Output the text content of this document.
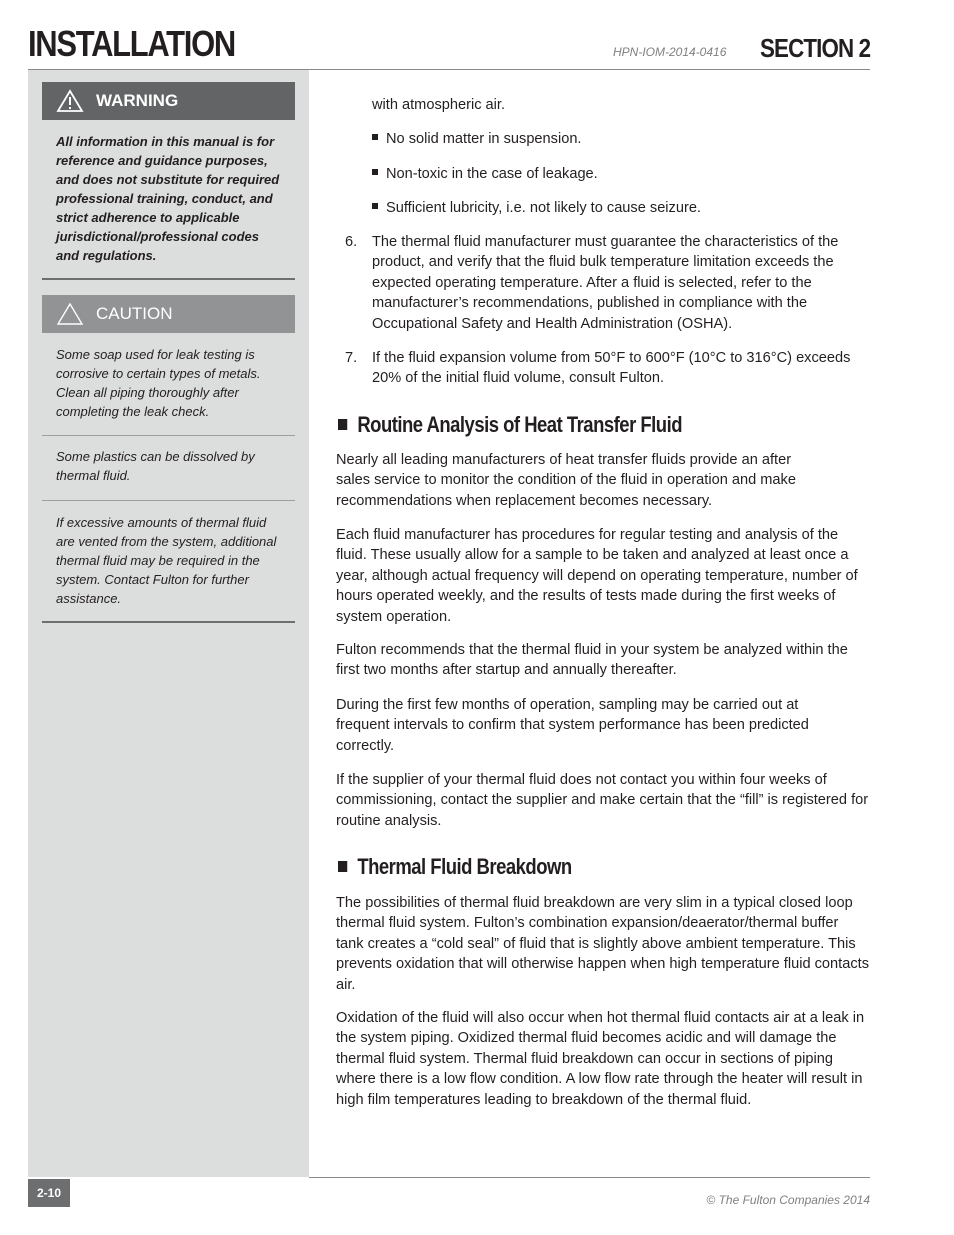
INSTALLATION	HPN-IOM-2014-0416 SECTION 2
WARNING

All information in this manual is for reference and guidance purposes, and does not substitute for required professional training, conduct, and strict adherence to applicable jurisdictional/professional codes and regulations.

CAUTION

Some soap used for leak testing is corrosive to certain types of metals. Clean all piping thoroughly after completing the leak check.

Some plastics can be dissolved by thermal fluid.

If excessive amounts of thermal fluid are vented from the system, additional thermal fluid may be required in the system. Contact Fulton for further assistance.

with atmospheric air.

No solid matter in suspension.

Non-toxic in the case of leakage.

Sufficient lubricity, i.e. not likely to cause seizure.

6. The thermal fluid manufacturer must guarantee the characteristics of the product, and verify that the fluid bulk temperature limitation exceeds the expected operating temperature. After a fluid is selected, refer to the manufacturer’s recommendations, published in compliance with the Occupational Safety and Health Administration (OSHA).

7. If the fluid expansion volume from 50°F to 600°F (10°C to 316°C) exceeds 20% of the initial fluid volume, consult Fulton.

Routine Analysis of Heat Transfer Fluid

Nearly all leading manufacturers of heat transfer fluids provide an after sales service to monitor the condition of the fluid in operation and make recommendations when replacement becomes necessary.

Each fluid manufacturer has procedures for regular testing and analysis of the fluid. These usually allow for a sample to be taken and analyzed at least once a year, although actual frequency will depend on operating temperature, number of hours operated weekly, and the results of tests made during the first weeks of system operation.

Fulton recommends that the thermal fluid in your system be analyzed within the first two months after startup and annually thereafter.

During the first few months of operation, sampling may be carried out at frequent intervals to confirm that system performance has been predicted correctly.

If the supplier of your thermal fluid does not contact you within four weeks of commissioning, contact the supplier and make certain that the “fill” is registered for routine analysis.

Thermal Fluid Breakdown

The possibilities of thermal fluid breakdown are very slim in a typical closed loop thermal fluid system. Fulton’s combination expansion/deaerator/thermal buffer tank creates a “cold seal” of fluid that is slightly above ambient temperature. This prevents oxidation that will otherwise happen when high temperature fluid contacts air.

Oxidation of the fluid will also occur when hot thermal fluid contacts air at a leak in the system piping. Oxidized thermal fluid becomes acidic and will damage the thermal fluid system. Thermal fluid breakdown can occur in sections of piping where there is a low flow condition. A low flow rate through the heater will result in high film temperatures leading to breakdown of the thermal fluid.

2-10	© The Fulton Companies 2014
